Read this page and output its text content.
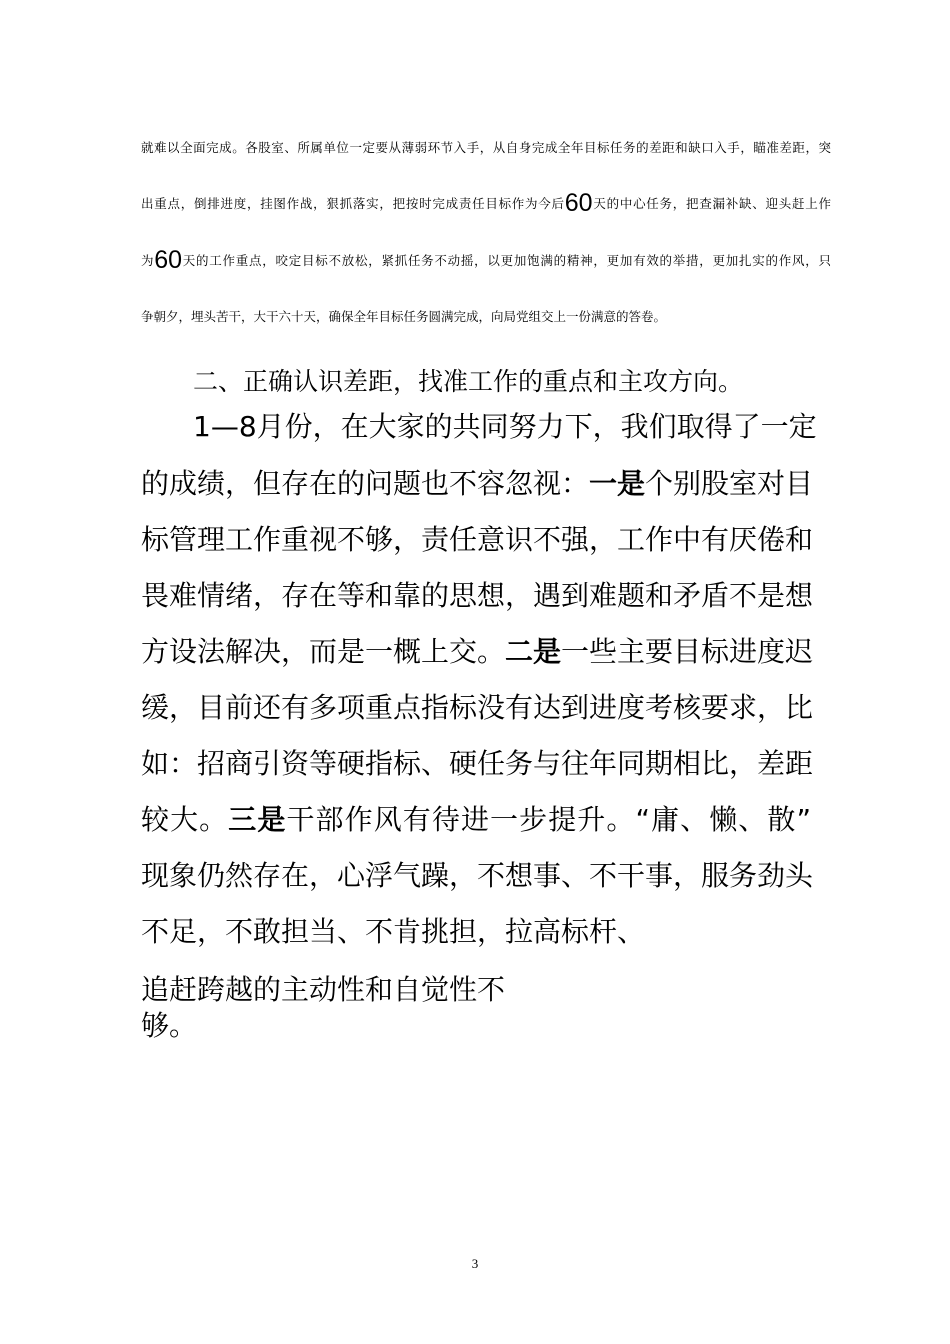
就难以全面完成。各股室、所属单位一定要从薄弱环节入手，从自身完成全年目标任务的差距和缺口入手，瞄准差距，突
出重点，倒排进度，挂图作战，狠抓落实，把按时完成责任目标作为今后60天的中心任务，把查漏补缺、迎头赶上作
为60天的工作重点，咬定目标不放松，紧抓任务不动摇，以更加饱满的精神，更加有效的举措，更加扎实的作风，只
争朝夕，埋头苦干，大干六十天，确保全年目标任务圆满完成，向局党组交上一份满意的答卷。
二、正确认识差距，找准工作的重点和主攻方向。
1—8月份，在大家的共同努力下，我们取得了一定
的成绩，但存在的问题也不容忽视：一是个别股室对目
标管理工作重视不够，责任意识不强，工作中有厌倦和
畏难情绪，存在等和靠的思想，遇到难题和矛盾不是想
方设法解决，而是一概上交。二是一些主要目标进度迟
缓，目前还有多项重点指标没有达到进度考核要求，比
如：招商引资等硬指标、硬任务与往年同期相比，差距
较大。三是干部作风有待进一步提升。“庸、懒、散”
现象仍然存在，心浮气躁，不想事、不干事，服务劲头
不足，不敢担当、不肯挑担，拉高标杆、
追赶跨越的主动性和自觉性不
够。
3
